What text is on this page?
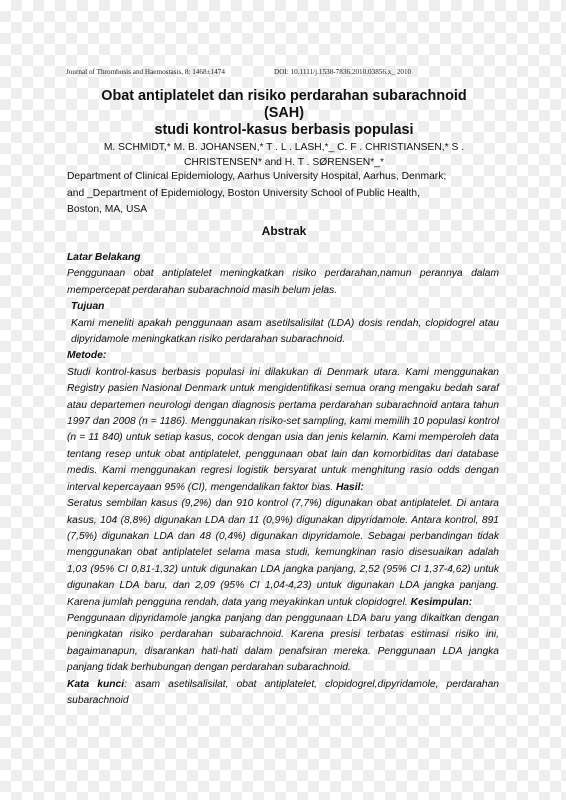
Journal of Thrombosis and Haemostasis, 8: 1468±1474	DOI: 10.1111/j.1538-7836.2010.03856.x_ 2010
Obat antiplatelet dan risiko perdarahan subarachnoid
(SAH)
studi kontrol-kasus berbasis populasi
M. SCHMIDT,* M. B. JOHANSEN,* T . L . LASH,*_ C. F . CHRISTIANSEN,* S .
CHRISTENSEN* and H. T . SØRENSEN*_*
Department of Clinical Epidemiology, Aarhus University Hospital, Aarhus, Denmark;
and _Department of Epidemiology, Boston University School of Public Health,
Boston, MA, USA
Abstrak

Latar Belakang

Penggunaan obat antiplatelet meningkatkan risiko perdarahan,namun perannya dalam mempercepat perdarahan subarachnoid masih belum jelas.

Tujuan

Kami meneliti apakah penggunaan asam asetilsalisilat (LDA) dosis rendah, clopidogrel atau dipyridamole meningkatkan risiko perdarahan subarachnoid.

Metode:

Studi kontrol-kasus berbasis populasi ini dilakukan di Denmark utara. Kami menggunakan Registry pasien Nasional Denmark untuk mengidentifikasi semua orang mengaku bedah saraf atau departemen neurologi dengan diagnosis pertama perdarahan subarachnoid antara tahun 1997 dan 2008 (n = 1186). Menggunakan risiko-set sampling, kami memilih 10 populasi kontrol (n = 11 840) untuk setiap kasus, cocok dengan usia dan jenis kelamin. Kami memperoleh data tentang resep untuk obat antiplatelet, penggunaan obat lain dan komorbiditas dari database medis. Kami menggunakan regresi logistik bersyarat untuk menghitung rasio odds dengan interval kepercayaan 95% (CI), mengendalikan faktor bias. Hasil:

Seratus sembilan kasus (9,2%) dan 910 kontrol (7,7%) digunakan obat antiplatelet. Di antara kasus, 104 (8,8%) digunakan LDA dan 11 (0,9%) digunakan dipyridamole. Antara kontrol, 891 (7,5%) digunakan LDA dan 48 (0,4%) digunakan dipyridamole. Sebagai perbandingan tidak menggunakan obat antiplatelet selama masa studi, kemungkinan rasio disesuaikan adalah 1,03 (95% CI 0,81-1,32) untuk digunakan LDA jangka panjang, 2,52 (95% CI 1,37-4,62) untuk digunakan LDA baru, dan 2,09 (95% CI 1,04-4,23) untuk digunakan LDA jangka panjang. Karena jumlah pengguna rendah, data yang meyakinkan untuk clopidogrel. Kesimpulan:

Penggunaan dipyridamole jangka panjang dan penggunaan LDA baru yang dikaitkan dengan peningkatan risiko perdarahan subarachnoid. Karena presisi terbatas estimasi risiko ini, bagaimanapun, disarankan hati-hati dalam penafsiran mereka. Penggunaan LDA jangka panjang tidak berhubungan dengan perdarahan subarachnoid.

Kata kunci: asam asetilsalisilat, obat antiplatelet, clopidogrel,dipyridamole, perdarahan subarachnoid
